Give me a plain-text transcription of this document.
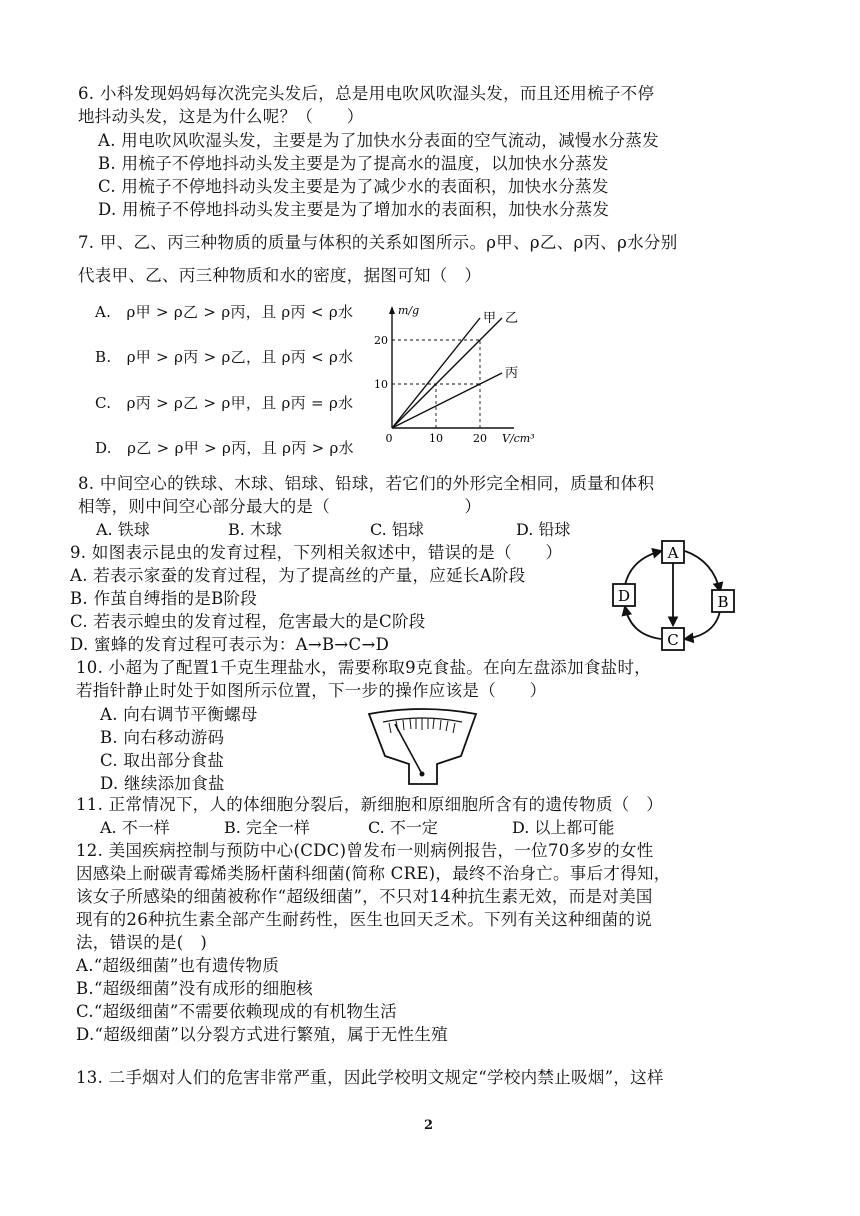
6. 小科发现妈妈每次洗完头发后，总是用电吹风吹湿头发，而且还用梳子不停
地抖动头发，这是为什么呢？（　　）
A. 用电吹风吹湿头发，主要是为了加快水分表面的空气流动，减慢水分蒸发
B. 用梳子不停地抖动头发主要是为了提高水的温度，以加快水分蒸发
C. 用梳子不停地抖动头发主要是为了减少水的表面积，加快水分蒸发
D. 用梳子不停地抖动头发主要是为了增加水的表面积，加快水分蒸发
7. 甲、乙、丙三种物质的质量与体积的关系如图所示。ρ甲、ρ乙、ρ丙、ρ水分别
代表甲、乙、丙三种物质和水的密度，据图可知（　）
A.　ρ甲 > ρ乙 > ρ丙，且 ρ丙 < ρ水
B.　ρ甲 > ρ丙 > ρ乙，且 ρ丙 < ρ水
C.　ρ丙 > ρ乙 > ρ甲，且 ρ丙 = ρ水
D.　ρ乙 > ρ甲 > ρ丙，且 ρ丙 > ρ水
甲 乙
丙
0	10	20
10
20
m/g
V/cm³
8. 中间空心的铁球、木球、铝球、铅球，若它们的外形完全相同，质量和体积
相等，则中间空心部分最大的是（　　　　　　　　）
A. 铁球	B. 木球	C. 铝球	D. 铅球
9. 如图表示昆虫的发育过程，下列相关叙述中，错误的是（　　）
A. 若表示家蚕的发育过程，为了提高丝的产量，应延长A阶段
B. 作茧自缚指的是B阶段
C. 若表示蝗虫的发育过程，危害最大的是C阶段
D. 蜜蜂的发育过程可表示为：A→B→C→D
A
B
C
D
10. 小超为了配置1千克生理盐水，需要称取9克食盐。在向左盘添加食盐时，
若指针静止时处于如图所示位置，下一步的操作应该是（　　）
A. 向右调节平衡螺母
B. 向右移动游码
C. 取出部分食盐
D. 继续添加食盐
11. 正常情况下，人的体细胞分裂后，新细胞和原细胞所含有的遗传物质（　）
A. 不一样	B. 完全一样	C. 不一定	D. 以上都可能
12. 美国疾病控制与预防中心(CDC)曾发布一则病例报告，一位70多岁的女性
因感染上耐碳青霉烯类肠杆菌科细菌(简称 CRE)，最终不治身亡。事后才得知，
该女子所感染的细菌被称作“超级细菌”，不只对14种抗生素无效，而是对美国
现有的26种抗生素全部产生耐药性，医生也回天乏术。下列有关这种细菌的说
法，错误的是(　)
A.“超级细菌”也有遗传物质
B.“超级细菌”没有成形的细胞核
C.“超级细菌”不需要依赖现成的有机物生活
D.“超级细菌”以分裂方式进行繁殖，属于无性生殖
13. 二手烟对人们的危害非常严重，因此学校明文规定“学校内禁止吸烟”，这样
2
